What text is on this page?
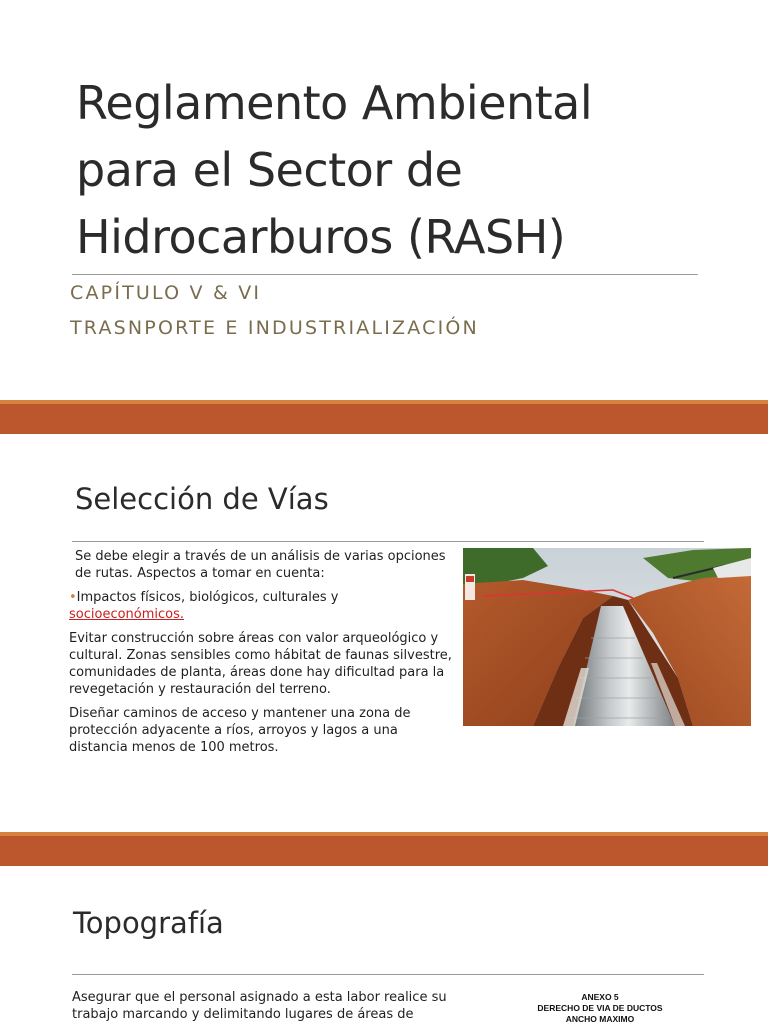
Reglamento Ambiental
para el Sector de
Hidrocarburos (RASH)
CAPÍTULO V & VI
TRASNPORTE E INDUSTRIALIZACIÓN
Selección de Vías

Se debe elegir a través de un análisis de varias opciones de rutas. Aspectos a tomar en cuenta:

•Impactos físicos, biológicos, culturales y socioeconómicos.

Evitar construcción sobre áreas con valor arqueológico y cultural. Zonas sensibles como hábitat de faunas silvestre, comunidades de planta, áreas done hay dificultad para la revegetación y restauración del terreno.

Diseñar caminos de acceso y mantener una zona de protección adyacente a ríos, arroyos y lagos a una distancia menos de 100 metros.

Topografía
Asegurar que el personal asignado a esta labor realice su trabajo marcando y delimitando lugares de áreas de
ANEXO 5
DERECHO DE VIA DE DUCTOS
ANCHO MAXIMO
